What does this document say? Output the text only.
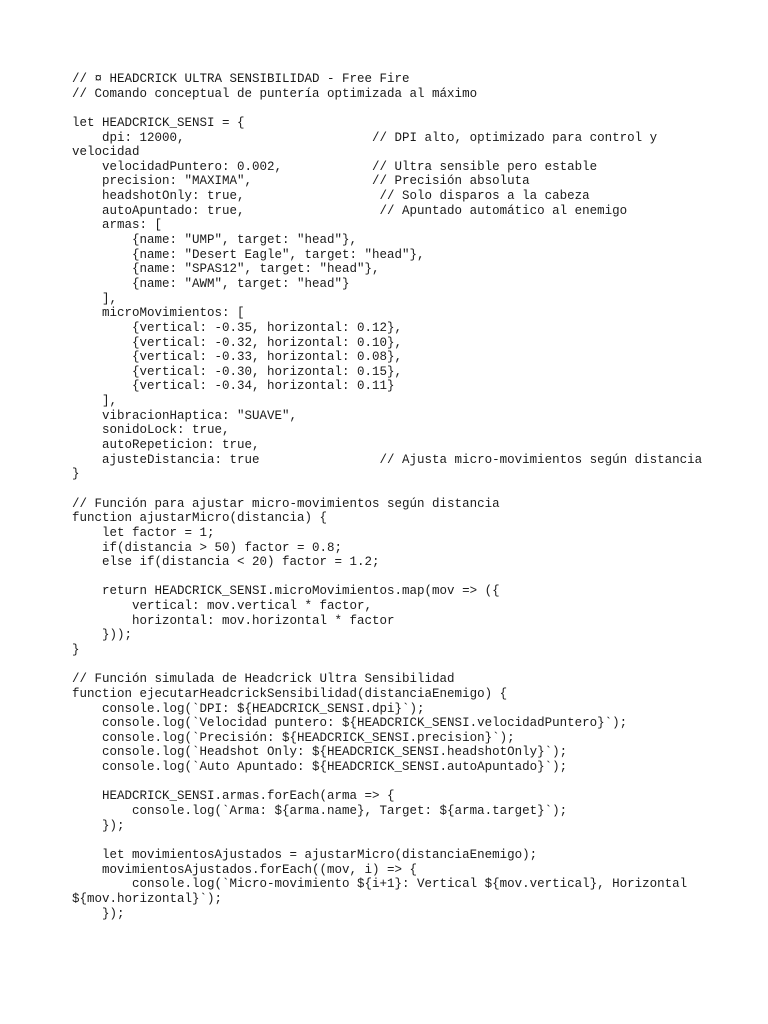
// ¤ HEADCRICK ULTRA SENSIBILIDAD - Free Fire
// Comando conceptual de puntería optimizada al máximo
let HEADCRICK_SENSI = {
dpi: 12000,                         // DPI alto, optimizado para control y
velocidad
velocidadPuntero: 0.002,            // Ultra sensible pero estable
precision: "MAXIMA",                // Precisión absoluta
headshotOnly: true,                  // Solo disparos a la cabeza
autoApuntado: true,                  // Apuntado automático al enemigo
armas: [
{name: "UMP", target: "head"},
{name: "Desert Eagle", target: "head"},
{name: "SPAS12", target: "head"},
{name: "AWM", target: "head"}
],
microMovimientos: [
{vertical: -0.35, horizontal: 0.12},
{vertical: -0.32, horizontal: 0.10},
{vertical: -0.33, horizontal: 0.08},
{vertical: -0.30, horizontal: 0.15},
{vertical: -0.34, horizontal: 0.11}
],
vibracionHaptica: "SUAVE",
sonidoLock: true,
autoRepeticion: true,
ajusteDistancia: true                // Ajusta micro-movimientos según distancia
}
// Función para ajustar micro-movimientos según distancia
function ajustarMicro(distancia) {
let factor = 1;
if(distancia > 50) factor = 0.8;
else if(distancia < 20) factor = 1.2;
return HEADCRICK_SENSI.microMovimientos.map(mov => ({
vertical: mov.vertical * factor,
horizontal: mov.horizontal * factor
}));
}
// Función simulada de Headcrick Ultra Sensibilidad
function ejecutarHeadcrickSensibilidad(distanciaEnemigo) {
console.log(`DPI: ${HEADCRICK_SENSI.dpi}`);
console.log(`Velocidad puntero: ${HEADCRICK_SENSI.velocidadPuntero}`);
console.log(`Precisión: ${HEADCRICK_SENSI.precision}`);
console.log(`Headshot Only: ${HEADCRICK_SENSI.headshotOnly}`);
console.log(`Auto Apuntado: ${HEADCRICK_SENSI.autoApuntado}`);
HEADCRICK_SENSI.armas.forEach(arma => {
console.log(`Arma: ${arma.name}, Target: ${arma.target}`);
});
let movimientosAjustados = ajustarMicro(distanciaEnemigo);
movimientosAjustados.forEach((mov, i) => {
console.log(`Micro-movimiento ${i+1}: Vertical ${mov.vertical}, Horizontal
${mov.horizontal}`);
});
